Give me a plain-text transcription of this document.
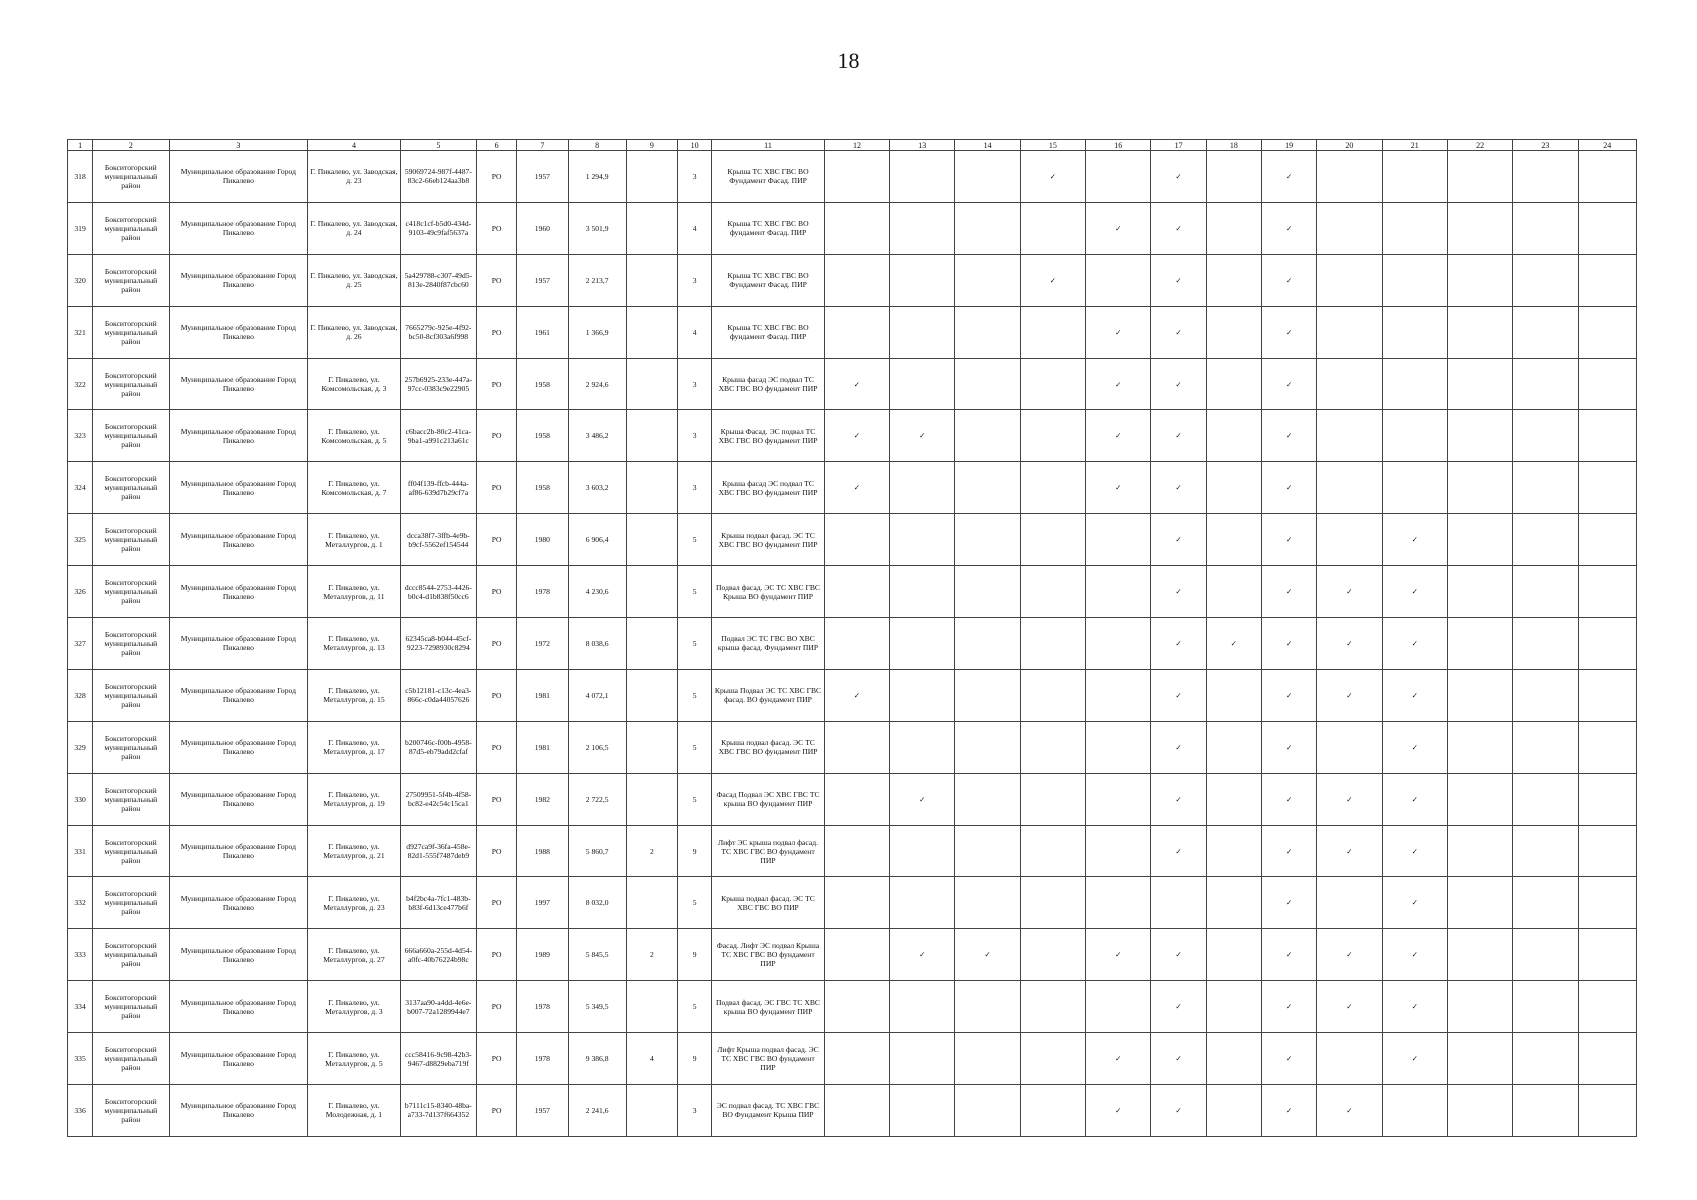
18
1	2	3	4	5	6	7	8	9	10	11	12	13	14	15	16	17	18	19	20	21	22	23	24
318	Бокситогорский муниципальный район	Муниципальное образование Город Пикалево	Г. Пикалево, ул. Заводская, д. 23	59069724-987f-4487-83c2-66eb124aa3b8	РО	1957	1 294,9		3	Крыша ТС ХВС ГВС ВО Фундамент Фасад. ПИР				✓		✓		✓					
319	Бокситогорский муниципальный район	Муниципальное образование Город Пикалево	Г. Пикалево, ул. Заводская, д. 24	c418c1cf-b5d0-434d-9103-49c9faf5637a	РО	1960	3 501,9		4	Крыша ТС ХВС ГВС ВО фундамент Фасад. ПИР					✓	✓		✓					
320	Бокситогорский муниципальный район	Муниципальное образование Город Пикалево	Г. Пикалево, ул. Заводская, д. 25	5a429788-c307-49d5-813e-2840f87cbc60	РО	1957	2 213,7		3	Крыша ТС ХВС ГВС ВО Фундамент Фасад. ПИР				✓		✓		✓					
321	Бокситогорский муниципальный район	Муниципальное образование Город Пикалево	Г. Пикалево, ул. Заводская, д. 26	7665279c-925e-4f92-bc50-8cf303a6f998	РО	1961	1 366,9		4	Крыша ТС ХВС ГВС ВО фундамент Фасад. ПИР					✓	✓		✓					
322	Бокситогорский муниципальный район	Муниципальное образование Город Пикалево	Г. Пикалево, ул. Комсомольская, д. 3	257b6925-233e-447a-97cc-0383c9e22905	РО	1958	2 924,6		3	Крыша фасад ЭС подвал ТС ХВС ГВС ВО фундамент ПИР	✓				✓	✓		✓					
323	Бокситогорский муниципальный район	Муниципальное образование Город Пикалево	Г. Пикалево, ул. Комсомольская, д. 5	c6bacc2b-80c2-41ca-9ba1-a991c213a61c	РО	1958	3 486,2		3	Крыша Фасад. ЭС подвал ТС ХВС ГВС ВО фундамент ПИР	✓	✓			✓	✓		✓					
324	Бокситогорский муниципальный район	Муниципальное образование Город Пикалево	Г. Пикалево, ул. Комсомольская, д. 7	ff04f139-ffcb-444a-af86-639d7b29cf7a	РО	1958	3 603,2		3	Крыша фасад ЭС подвал ТС ХВС ГВС ВО фундамент ПИР	✓				✓	✓		✓					
325	Бокситогорский муниципальный район	Муниципальное образование Город Пикалево	Г. Пикалево, ул. Металлургов, д. 1	dcca38f7-3ffb-4e9b-b9cf-5562ef154544	РО	1980	6 906,4		5	Крыша подвал фасад. ЭС ТС ХВС ГВС ВО фундамент ПИР						✓		✓		✓			
326	Бокситогорский муниципальный район	Муниципальное образование Город Пикалево	Г. Пикалево, ул. Металлургов, д. 11	dccc8544-2753-4426-b0c4-d1b838f50cc6	РО	1978	4 230,6		5	Подвал фасад. ЭС ТС ХВС ГВС Крыша ВО фундамент ПИР						✓		✓	✓	✓			
327	Бокситогорский муниципальный район	Муниципальное образование Город Пикалево	Г. Пикалево, ул. Металлургов, д. 13	62345ca8-b044-45cf-9223-7298930c8294	РО	1972	8 038,6		5	Подвал ЭС ТС ГВС ВО ХВС крыша фасад. Фундамент ПИР						✓	✓	✓	✓	✓			
328	Бокситогорский муниципальный район	Муниципальное образование Город Пикалево	Г. Пикалево, ул. Металлургов, д. 15	c5b12181-c13c-4ea3-866c-c0da44057626	РО	1981	4 072,1		5	Крыша Подвал ЭС ТС ХВС ГВС фасад. ВО фундамент ПИР	✓					✓		✓	✓	✓			
329	Бокситогорский муниципальный район	Муниципальное образование Город Пикалево	Г. Пикалево, ул. Металлургов, д. 17	b200746c-f00b-4958-87d5-eb79add2cfaf	РО	1981	2 106,5		5	Крыша подвал фасад. ЭС ТС ХВС ГВС ВО фундамент ПИР						✓		✓		✓			
330	Бокситогорский муниципальный район	Муниципальное образование Город Пикалево	Г. Пикалево, ул. Металлургов, д. 19	27509951-5f4b-4f58-bc82-e42c54c15ca1	РО	1982	2 722,5		5	Фасад Подвал ЭС ХВС ГВС ТС крыша ВО фундамент ПИР		✓				✓		✓	✓	✓			
331	Бокситогорский муниципальный район	Муниципальное образование Город Пикалево	Г. Пикалево, ул. Металлургов, д. 21	d927ca9f-36fa-458e-82d1-555f7487deb9	РО	1988	5 860,7	2	9	Лифт ЭС крыша подвал фасад. ТС ХВС ГВС ВО фундамент ПИР						✓		✓	✓	✓			
332	Бокситогорский муниципальный район	Муниципальное образование Город Пикалево	Г. Пикалево, ул. Металлургов, д. 23	b4f2bc4a-7fc1-483b-b83f-6d13ce477b6f	РО	1997	8 032,0		5	Крыша подвал фасад. ЭС ТС ХВС ГВС ВО ПИР								✓		✓			
333	Бокситогорский муниципальный район	Муниципальное образование Город Пикалево	Г. Пикалево, ул. Металлургов, д. 27	666a660a-255d-4d54-a0fc-40b76224b98c	РО	1989	5 845,5	2	9	Фасад. Лифт ЭС подвал Крыша ТС ХВС ГВС ВО фундамент ПИР		✓	✓		✓	✓		✓	✓	✓			
334	Бокситогорский муниципальный район	Муниципальное образование Город Пикалево	Г. Пикалево, ул. Металлургов, д. 3	3137aa90-a4dd-4e6e-b007-72a1289944e7	РО	1978	5 349,5		5	Подвал фасад. ЭС ГВС ТС ХВС крыша ВО фундамент ПИР						✓		✓	✓	✓			
335	Бокситогорский муниципальный район	Муниципальное образование Город Пикалево	Г. Пикалево, ул. Металлургов, д. 5	ccc58416-9c98-42b3-9467-d8829eba719f	РО	1978	9 386,8	4	9	Лифт Крыша подвал фасад. ЭС ТС ХВС ГВС ВО фундамент ПИР					✓	✓		✓		✓			
336	Бокситогорский муниципальный район	Муниципальное образование Город Пикалево	Г. Пикалево, ул. Молодежная, д. 1	b7111c15-8340-48ba-a733-7d137f664352	РО	1957	2 241,6		3	ЭС подвал фасад. ТС ХВС ГВС ВО Фундамент Крыша ПИР					✓	✓		✓	✓				
